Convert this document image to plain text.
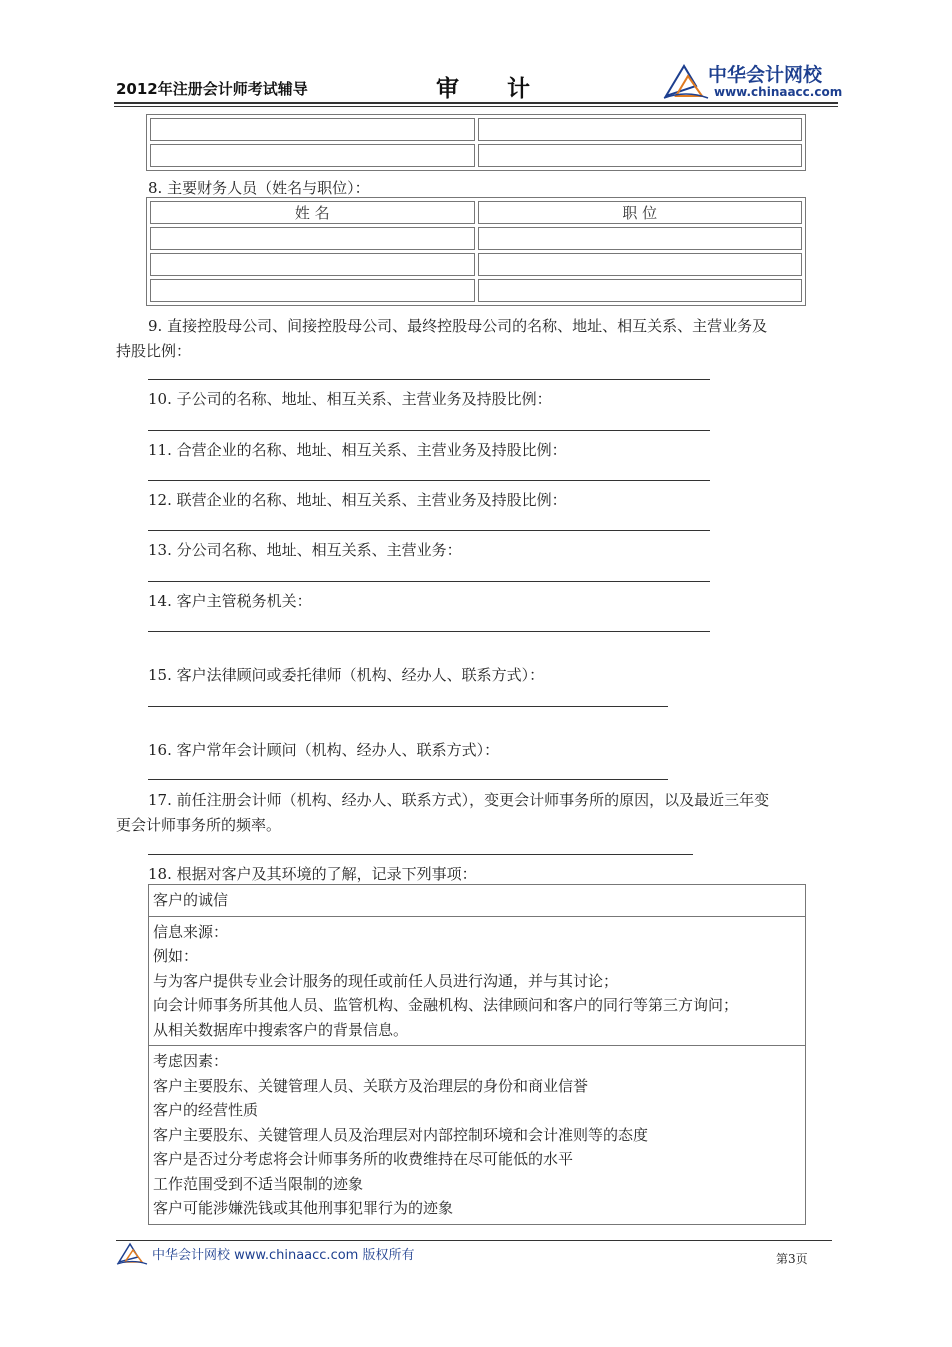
2012年注册会计师考试辅导	审计
中华会计网校
www.chinaacc.com

8. 主要财务人员（姓名与职位）：
姓 名	职 位

9. 直接控股母公司、间接控股母公司、最终控股母公司的名称、地址、相互关系、主营业务及
持股比例：
10. 子公司的名称、地址、相互关系、主营业务及持股比例：
11. 合营企业的名称、地址、相互关系、主营业务及持股比例：
12. 联营企业的名称、地址、相互关系、主营业务及持股比例：
13. 分公司名称、地址、相互关系、主营业务：
14. 客户主管税务机关：
15. 客户法律顾问或委托律师（机构、经办人、联系方式）：
16. 客户常年会计顾问（机构、经办人、联系方式）：
17. 前任注册会计师（机构、经办人、联系方式），变更会计师事务所的原因，以及最近三年变
更会计师事务所的频率。
18. 根据对客户及其环境的了解，记录下列事项：
客户的诚信
信息来源：
例如：
与为客户提供专业会计服务的现任或前任人员进行沟通，并与其讨论；
向会计师事务所其他人员、监管机构、金融机构、法律顾问和客户的同行等第三方询问；
从相关数据库中搜索客户的背景信息。
考虑因素：
客户主要股东、关键管理人员、关联方及治理层的身份和商业信誉
客户的经营性质
客户主要股东、关键管理人员及治理层对内部控制环境和会计准则等的态度
客户是否过分考虑将会计师事务所的收费维持在尽可能低的水平
工作范围受到不适当限制的迹象
客户可能涉嫌洗钱或其他刑事犯罪行为的迹象
中华会计网校 www.chinaacc.com 版权所有	第3页
